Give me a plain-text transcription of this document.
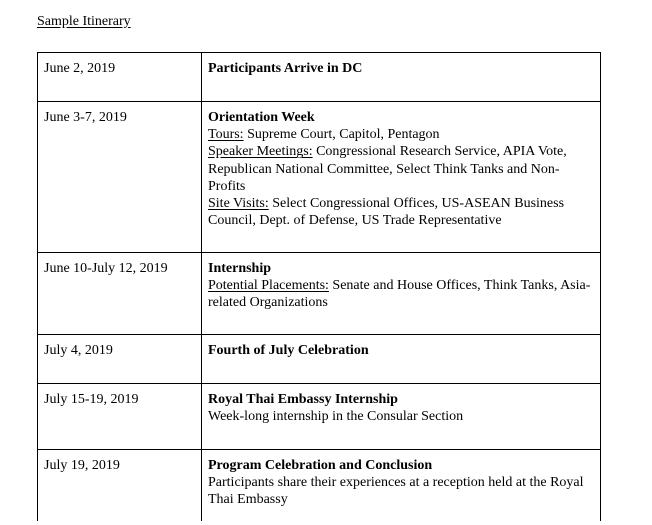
Sample Itinerary
June 2, 2019	Participants Arrive in DC

June 3-7, 2019	Orientation Week
Tours: Supreme Court, Capitol, Pentagon
Speaker Meetings: Congressional Research Service, APIA Vote, Republican National Committee, Select Think Tanks and Non-Profits
Site Visits: Select Congressional Offices, US-ASEAN Business Council, Dept. of Defense, US Trade Representative

June 10-July 12, 2019	Internship
Potential Placements: Senate and House Offices, Think Tanks, Asia-related Organizations

July 4, 2019	Fourth of July Celebration

July 15-19, 2019	Royal Thai Embassy Internship
Week-long internship in the Consular Section

July 19, 2019	Program Celebration and Conclusion
Participants share their experiences at a reception held at the Royal Thai Embassy
